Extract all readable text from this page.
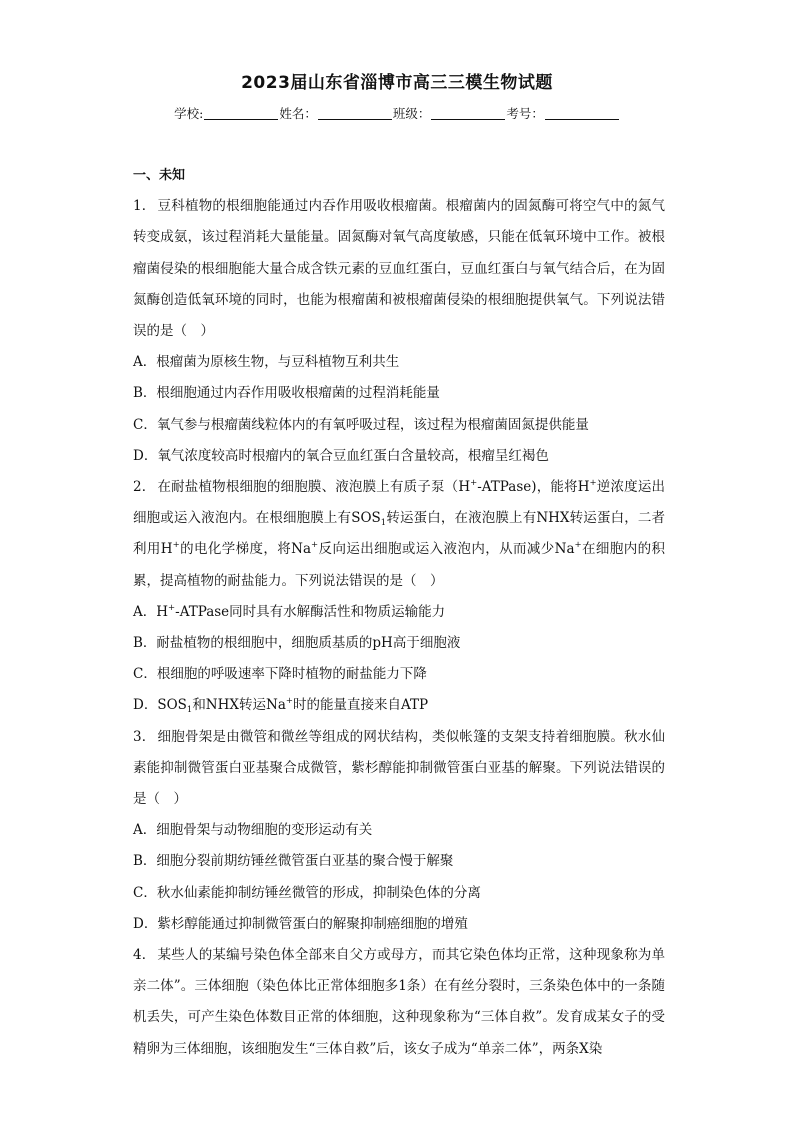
2023届山东省淄博市高三三模生物试题
学校:	姓名：	班级：	考号：
一、未知

1． 豆科植物的根细胞能通过内吞作用吸收根瘤菌。根瘤菌内的固氮酶可将空气中的氮气转变成氨，该过程消耗大量能量。固氮酶对氧气高度敏感，只能在低氧环境中工作。被根瘤菌侵染的根细胞能大量合成含铁元素的豆血红蛋白，豆血红蛋白与氧气结合后，在为固氮酶创造低氧环境的同时，也能为根瘤菌和被根瘤菌侵染的根细胞提供氧气。下列说法错误的是（　）

A．根瘤菌为原核生物，与豆科植物互利共生

B．根细胞通过内吞作用吸收根瘤菌的过程消耗能量

C．氧气参与根瘤菌线粒体内的有氧呼吸过程，该过程为根瘤菌固氮提供能量

D．氧气浓度较高时根瘤内的氧合豆血红蛋白含量较高，根瘤呈红褐色

2． 在耐盐植物根细胞的细胞膜、液泡膜上有质子泵（H+-ATPase)，能将H+逆浓度运出细胞或运入液泡内。在根细胞膜上有$SOS_1$转运蛋白，在液泡膜上有NHX转运蛋白，二者利用H+的电化学梯度，将Na+反向运出细胞或运入液泡内，从而减少Na+在细胞内的积累，提高植物的耐盐能力。下列说法错误的是（　）

A．H+-ATPase同时具有水解酶活性和物质运输能力

B．耐盐植物的根细胞中，细胞质基质的pH高于细胞液

C．根细胞的呼吸速率下降时植物的耐盐能力下降

D．$SOS_1$和NHX转运Na+时的能量直接来自ATP

3． 细胞骨架是由微管和微丝等组成的网状结构，类似帐篷的支架支持着细胞膜。秋水仙素能抑制微管蛋白亚基聚合成微管，紫杉醇能抑制微管蛋白亚基的解聚。下列说法错误的是（　）

A．细胞骨架与动物细胞的变形运动有关

B．细胞分裂前期纺锤丝微管蛋白亚基的聚合慢于解聚

C．秋水仙素能抑制纺锤丝微管的形成，抑制染色体的分离

D．紫杉醇能通过抑制微管蛋白的解聚抑制癌细胞的增殖

4． 某些人的某编号染色体全部来自父方或母方，而其它染色体均正常，这种现象称为单亲二体”。三体细胞（染色体比正常体细胞多1条）在有丝分裂时，三条染色体中的一条随机丢失，可产生染色体数目正常的体细胞，这种现象称为“三体自救”。发育成某女子的受精卵为三体细胞，该细胞发生“三体自救”后，该女子成为“单亲二体”，两条X染
